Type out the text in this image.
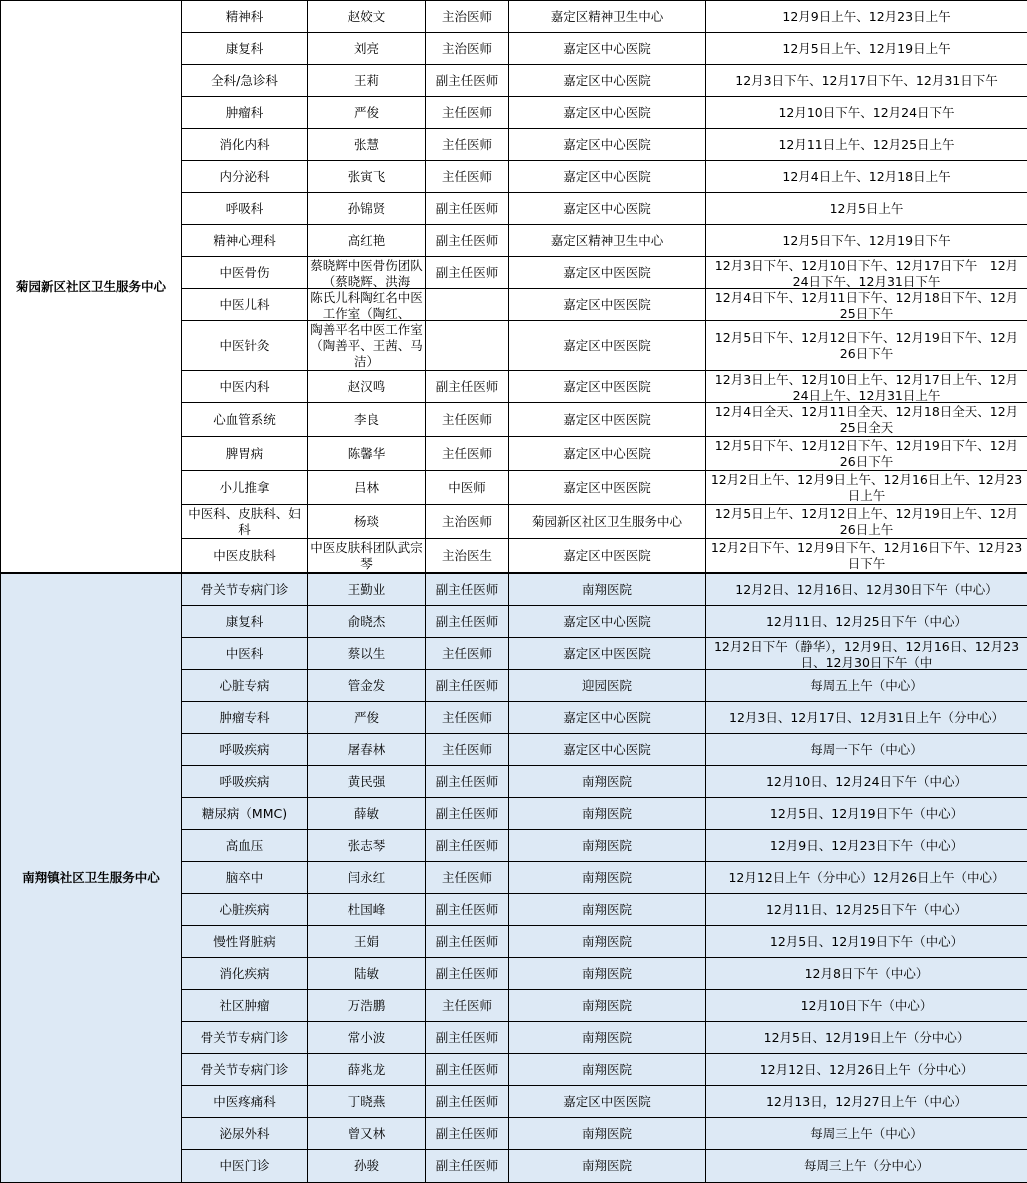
菊园新区社区卫生服务中心	精神科	赵姣文	主治医师	嘉定区精神卫生中心	12月9日上午、12月23日上午

	康复科	刘亮	主治医师	嘉定区中心医院	12月5日上午、12月19日上午

	全科/急诊科	王莉	副主任医师	嘉定区中心医院	12月3日下午、12月17日下午、12月31日下午

	肿瘤科	严俊	主任医师	嘉定区中心医院	12月10日下午、12月24日下午

	消化内科	张慧	主任医师	嘉定区中心医院	12月11日上午、12月25日上午

	内分泌科	张寅飞	主任医师	嘉定区中心医院	12月4日上午、12月18日上午

	呼吸科	孙锦贤	副主任医师	嘉定区中心医院	12月5日上午

	精神心理科	高红艳	副主任医师	嘉定区精神卫生中心	12月5日下午、12月19日下午

	中医骨伤	蔡晓辉中医骨伤团队（蔡晓辉、洪海	副主任医师	嘉定区中医医院	12月3日下午、12月10日下午、12月17日下午　12月24日下午、12月31日下午

	中医儿科	陈氏儿科陶红名中医工作室（陶红、		嘉定区中医医院	12月4日下午、12月11日下午、12月18日下午、12月25日下午

	中医针灸	陶善平名中医工作室（陶善平、王茜、马洁）		嘉定区中医医院	12月5日下午、12月12日下午、12月19日下午、12月26日下午

	中医内科	赵汉鸣	副主任医师	嘉定区中医医院	12月3日上午、12月10日上午、12月17日上午、12月24日上午、12月31日上午

	心血管系统	李良	主任医师	嘉定区中医医院	12月4日全天、12月11日全天、12月18日全天、12月25日全天

	脾胃病	陈馨华	主任医师	嘉定区中心医院	12月5日下午、12月12日下午、12月19日下午、12月26日下午

	小儿推拿	吕林	中医师	嘉定区中医医院	12月2日上午、12月9日上午、12月16日上午、12月23日上午

	中医科、皮肤科、妇科	杨琰	主治医师	菊园新区社区卫生服务中心	12月5日上午、12月12日上午、12月19日上午、12月26日上午

	中医皮肤科	中医皮肤科团队武宗琴	主治医生	嘉定区中医医院	12月2日下午、12月9日下午、12月16日下午、12月23日下午
南翔镇社区卫生服务中心	骨关节专病门诊	王勤业	副主任医师	南翔医院	12月2日、12月16日、12月30日下午（中心）

	康复科	俞晓杰	副主任医师	嘉定区中心医院	12月11日、12月25日下午（中心）

	中医科	蔡以生	主任医师	嘉定区中医医院	12月2日下午（静华），12月9日、12月16日、12月23日、12月30日下午（中

	心脏专病	管金发	副主任医师	迎园医院	每周五上午（中心）

	肿瘤专科	严俊	主任医师	嘉定区中心医院	12月3日、12月17日、12月31日上午（分中心）

	呼吸疾病	屠春林	主任医师	嘉定区中心医院	每周一下午（中心）

	呼吸疾病	黄民强	副主任医师	南翔医院	12月10日、12月24日下午（中心）

	糖尿病（MMC)	薛敏	副主任医师	南翔医院	12月5日、12月19日下午（中心）

	高血压	张志琴	副主任医师	南翔医院	12月9日、12月23日下午（中心）

	脑卒中	闫永红	主任医师	南翔医院	12月12日上午（分中心）12月26日上午（中心）

	心脏疾病	杜国峰	副主任医师	南翔医院	12月11日、12月25日下午（中心）

	慢性肾脏病	王娟	副主任医师	南翔医院	12月5日、12月19日下午（中心）

	消化疾病	陆敏	副主任医师	南翔医院	12月8日下午（中心）

	社区肿瘤	万浩鹏	主任医师	南翔医院	12月10日下午（中心）

	骨关节专病门诊	常小波	副主任医师	南翔医院	12月5日、12月19日上午（分中心）

	骨关节专病门诊	薛兆龙	副主任医师	南翔医院	12月12日、12月26日上午（分中心）

	中医疼痛科	丁晓燕	副主任医师	嘉定区中医医院	12月13日，12月27日上午（中心）

	泌尿外科	曾又林	副主任医师	南翔医院	每周三上午（中心）

	中医门诊	孙骏	副主任医师	南翔医院	每周三上午（分中心）
